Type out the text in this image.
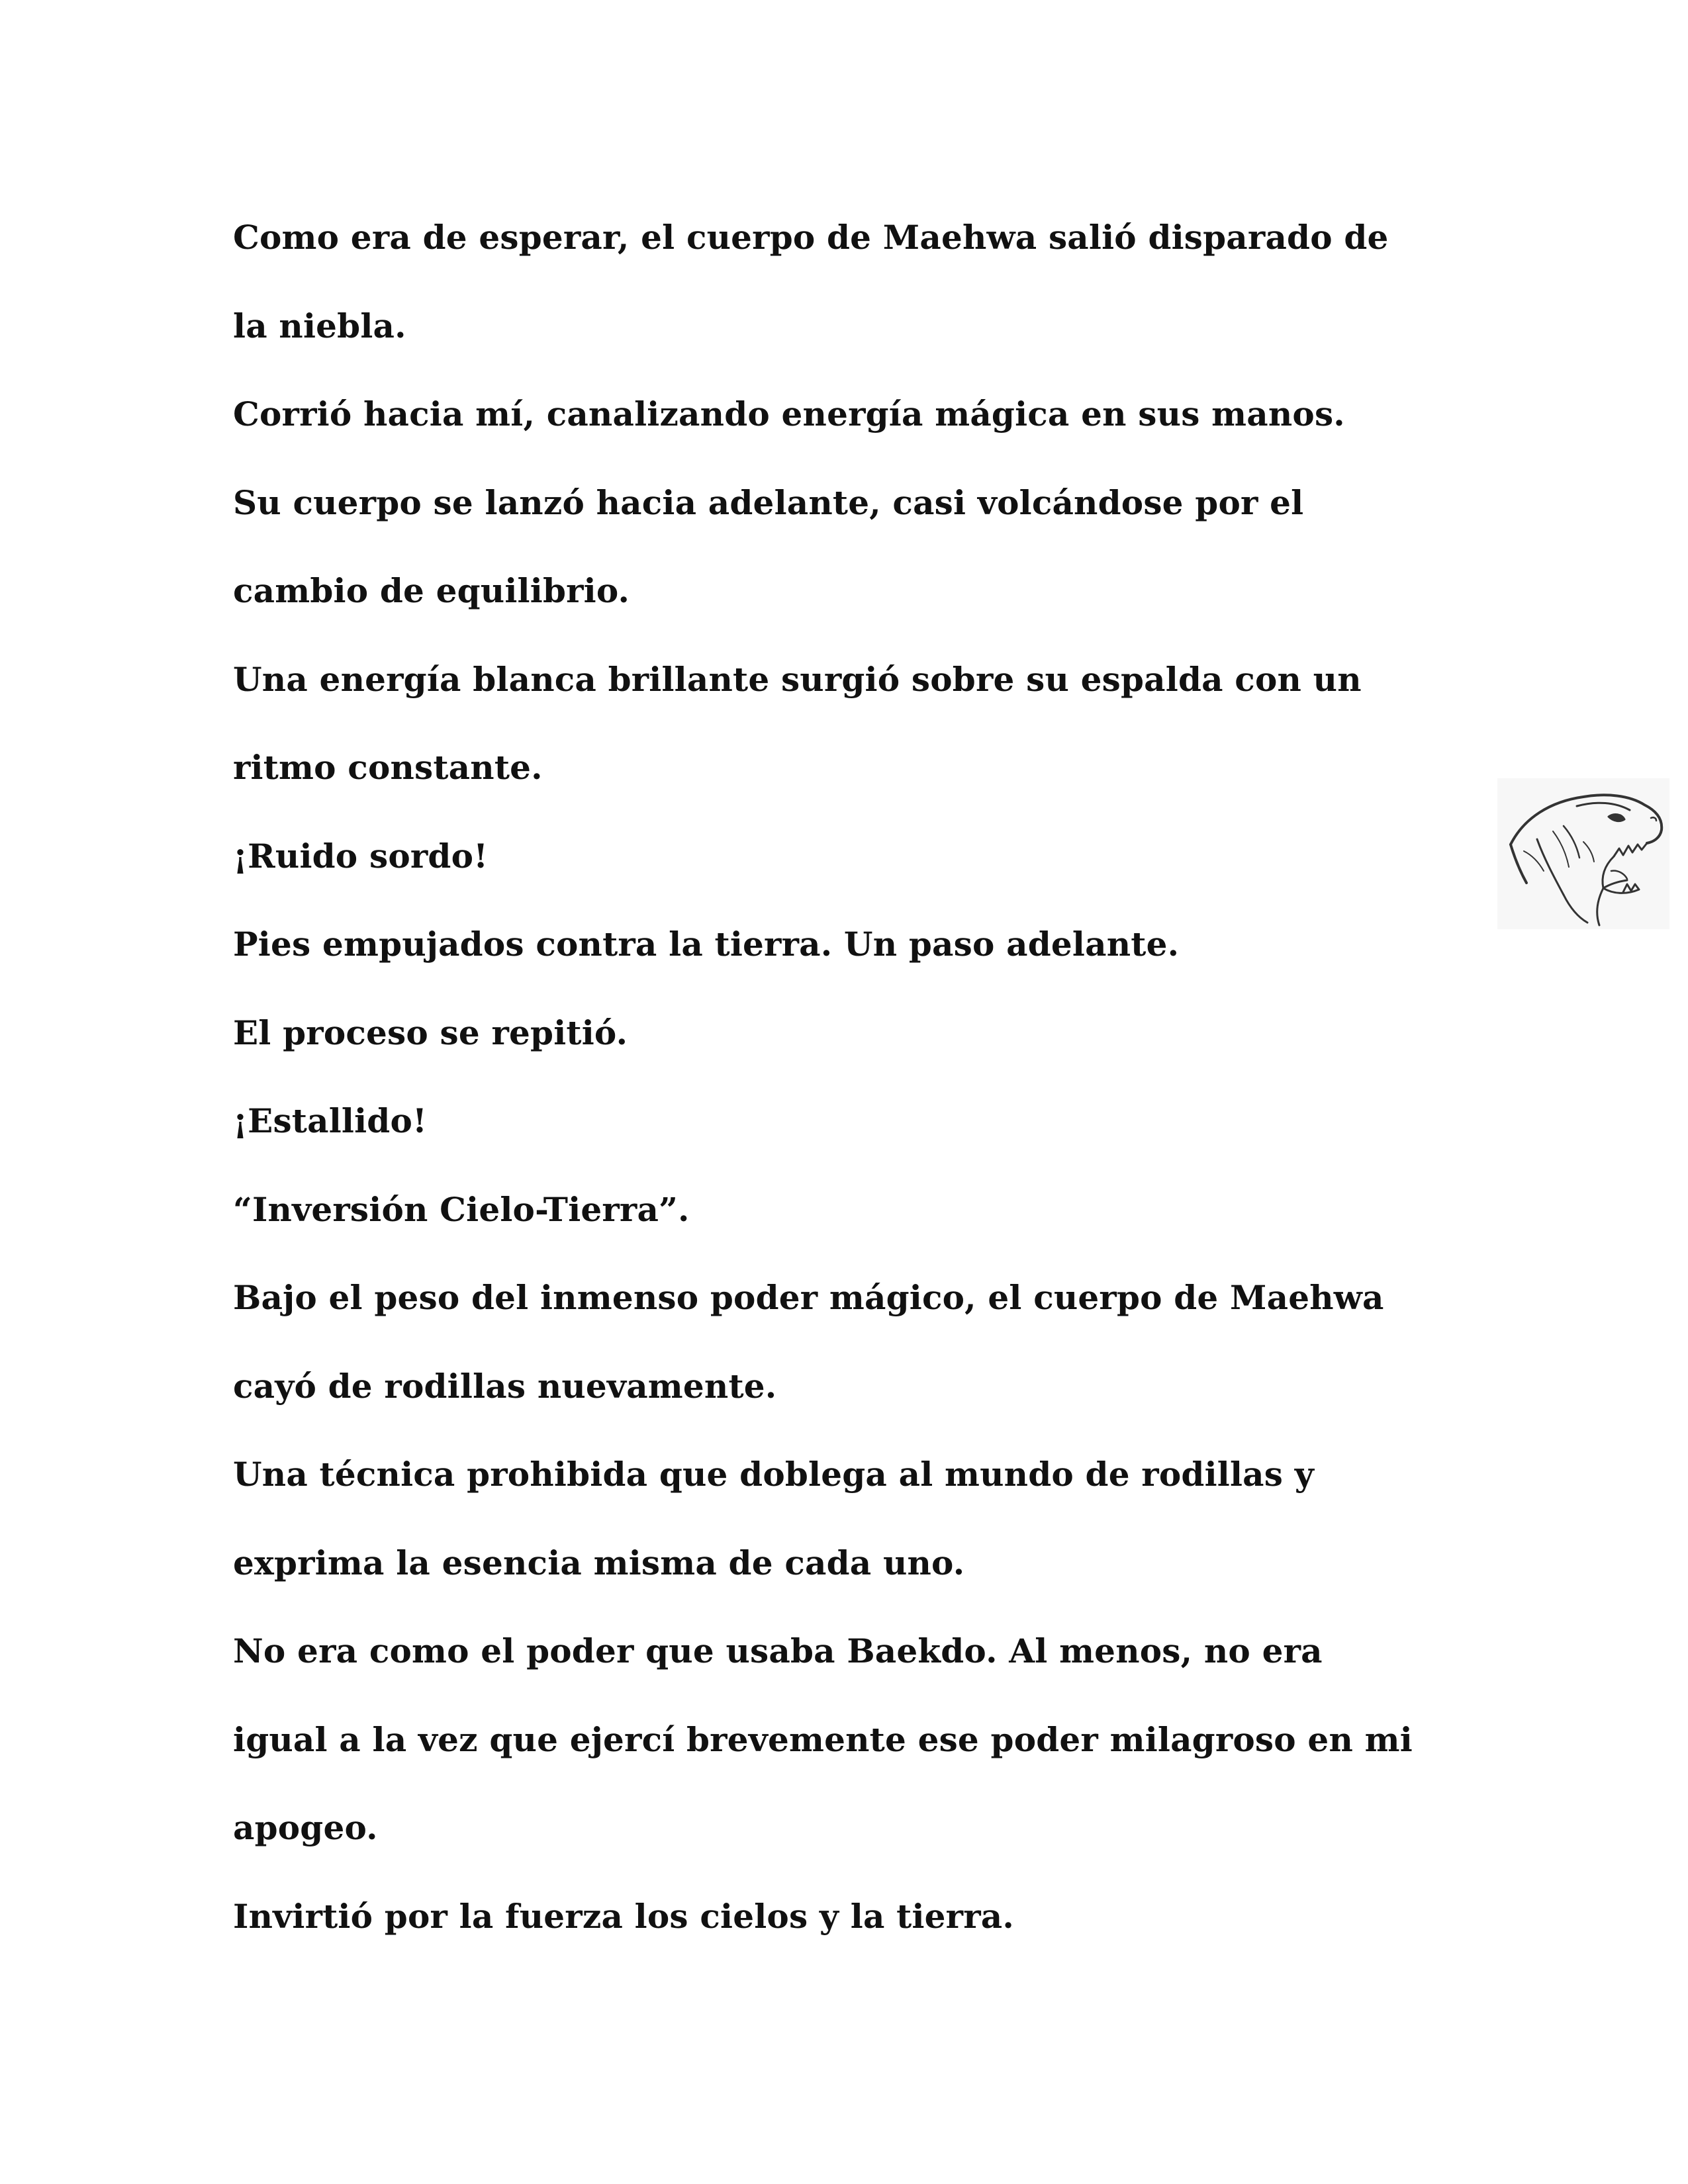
Como era de esperar, el cuerpo de Maehwa salió disparado de
la niebla.
Corrió hacia mí, canalizando energía mágica en sus manos.
Su cuerpo se lanzó hacia adelante, casi volcándose por el
cambio de equilibrio.
Una energía blanca brillante surgió sobre su espalda con un
ritmo constante.
¡Ruido sordo!
Pies empujados contra la tierra. Un paso adelante.
El proceso se repitió.
¡Estallido!
“Inversión Cielo-Tierra”.
Bajo el peso del inmenso poder mágico, el cuerpo de Maehwa
cayó de rodillas nuevamente.
Una técnica prohibida que doblega al mundo de rodillas y
exprima la esencia misma de cada uno.
No era como el poder que usaba Baekdo. Al menos, no era
igual a la vez que ejercí brevemente ese poder milagroso en mi
apogeo.
Invirtió por la fuerza los cielos y la tierra.
